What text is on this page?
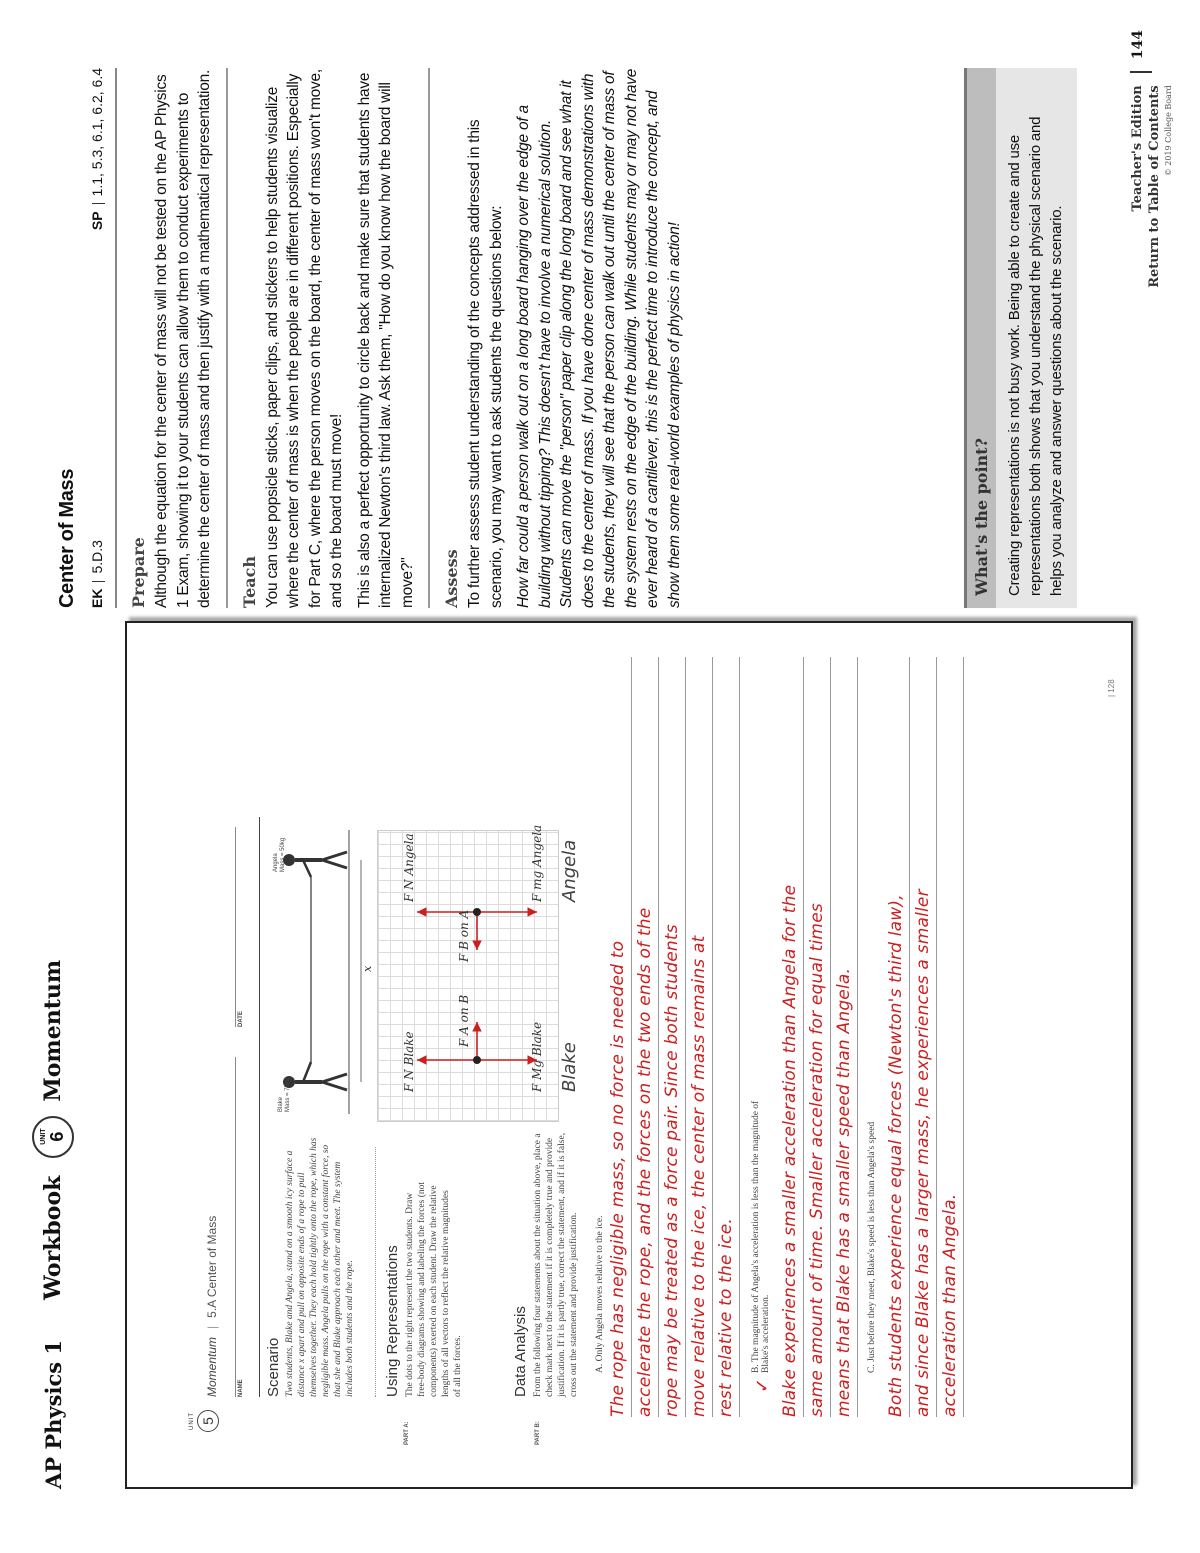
AP Physics 1
Workbook
UNIT 6
Momentum
UNIT 5
Momentum|5.A Center of Mass
NAME
DATE
Scenario Two students, Blake and Angela, stand on a smooth icy surface a distance x apart and pull on opposite ends of a rope to pull themselves together. They each hold tightly onto the rope, which has negligible mass. Angela pulls on the rope with a constant force, so that she and Blake approach each other and meet. The system includes both students and the rope.
x
Blake Mass = 75kg
Angela Mass = 50kg
PART A:
Using Representations The dots to the right represent the two students. Draw free-body diagrams showing and labeling the forces (not components) exerted on each student. Draw the relative lengths of all vectors to reflect the relative magnitudes of all the forces.
F N Blake
F A on B
F Mg Blake
F N Angela
F B on A
F mg Angela
Blake
Angela
PART B:
Data Analysis From the following four statements about the situation above, place a check mark next to the statement if it is completely true and provide justification. If it is partly true, correct the statement, and if it is false, cross out the statement and provide justification. A. Only Angela moves relative to the ice. The rope has negligible mass, so no force is needed to accelerate the rope, and the forces on the two ends of the rope may be treated as a force pair. Since both students move relative to the ice, the center of mass remains at rest relative to the ice. ✓
B. The magnitude of Angela's acceleration is less than the magnitude of Blake's acceleration. Blake experiences a smaller acceleration than Angela for the same amount of time. Smaller acceleration for equal times means that Blake has a smaller speed than Angela.	C. Just before they meet, Blake's speed is less than Angela's speed Both students experience equal forces (Newton's third law), and since Blake has a larger mass, he experiences a smaller acceleration than Angela.
| 128
Center of Mass EK5.D.3
SP1.1, 5.3, 6.1, 6.2, 6.4
Prepare Although the equation for the center of mass will not be tested on the AP Physics 1 Exam, showing it to your students can allow them to conduct experiments to determine the center of mass and then justify with a mathematical representation. Teach You can use popsicle sticks, paper clips, and stickers to help students visualize where the center of mass is when the people are in different positions. Especially for Part C, where the person moves on the board, the center of mass won't move, and so the board must move! This is also a perfect opportunity to circle back and make sure that students have internalized Newton's third law. Ask them, "How do you know how the board will move?" Assess To further assess student understanding of the concepts addressed in this scenario, you may want to ask students the questions below: How far could a person walk out on a long board hanging over the edge of a building without tipping? This doesn't have to involve a numerical solution. Students can move the "person" paper clip along the long board and see what it does to the center of mass. If you have done center of mass demonstrations with the students, they will see that the person can walk out until the center of mass of the system rests on the edge of the building. While students may or may not have ever heard of a cantilever, this is the perfect time to introduce the concept, and show them some real-world examples of physics in action!	What's the point?	Creating representations is not busy work. Being able to create and use representations both shows that you understand the physical scenario and helps you analyze and answer questions about the scenario.
Teacher's Edition Return to Table of Contents © 2019 College Board
144
